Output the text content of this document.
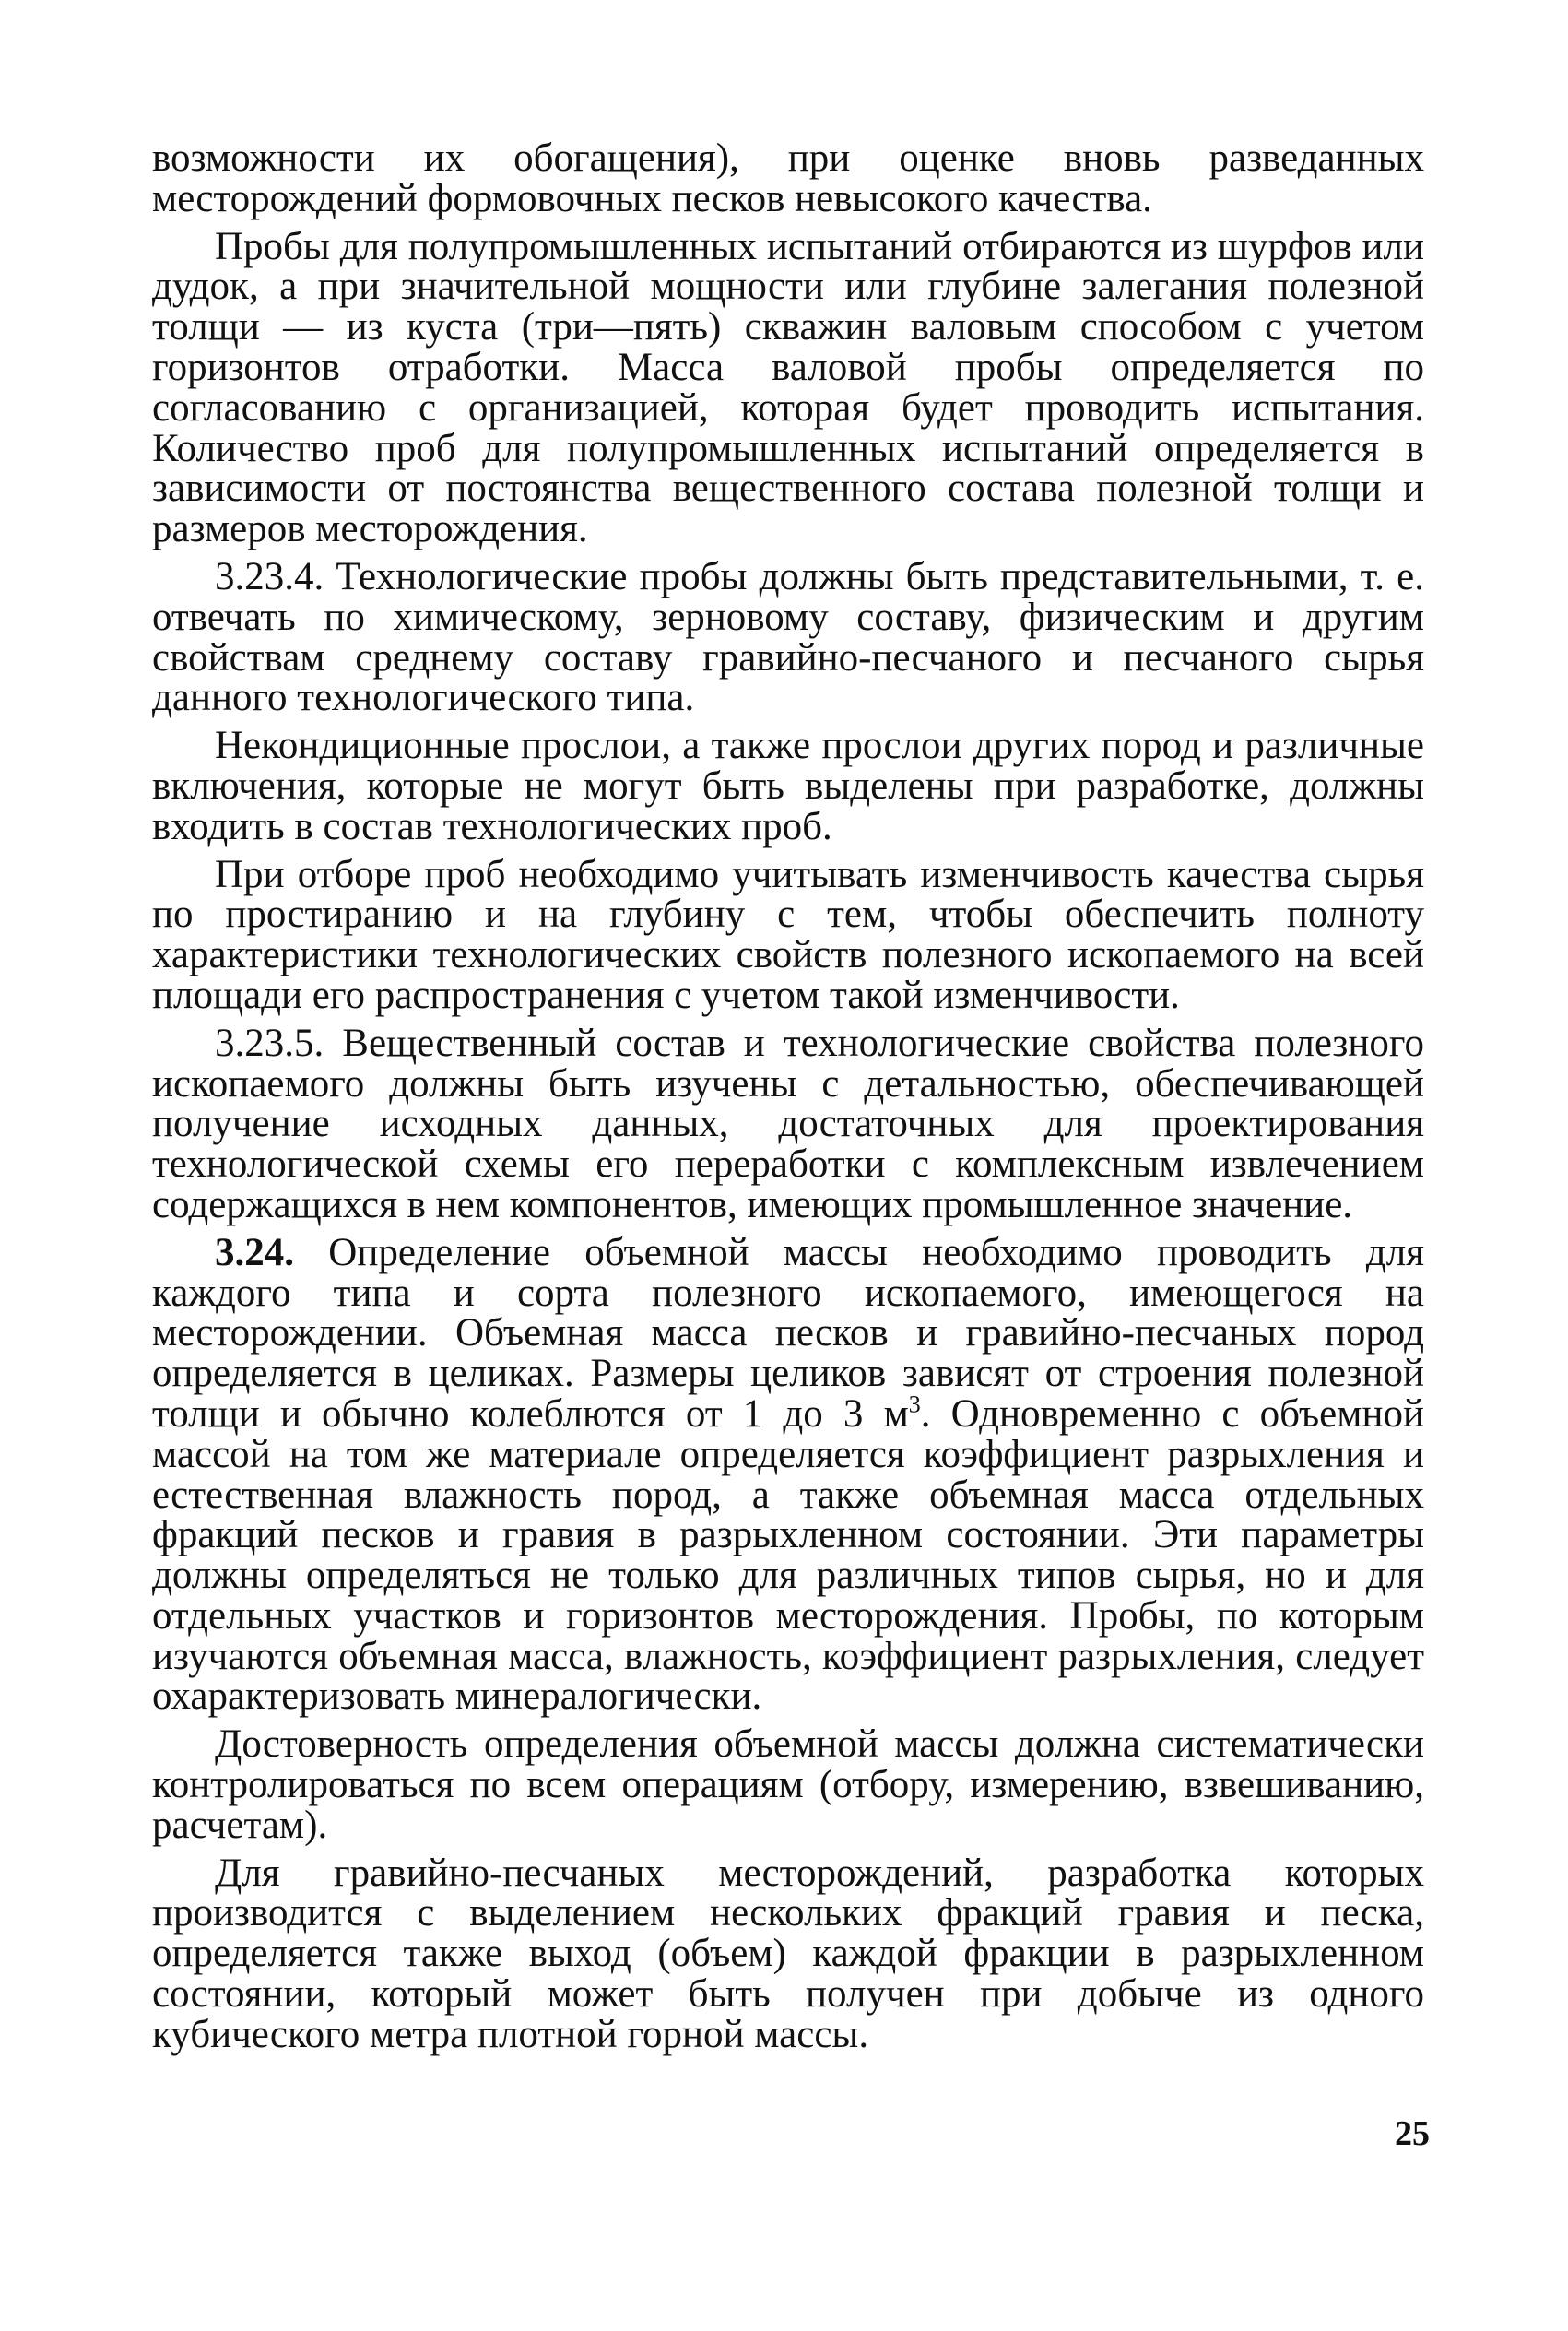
возможности их обогащения), при оценке вновь разведанных месторождений формовочных песков невысокого качества.

Пробы для полупромышленных испытаний отбираются из шурфов или дудок, а при значительной мощности или глубине залегания полезной толщи — из куста (три—пять) скважин валовым способом с учетом горизонтов отработки. Масса валовой пробы определяется по согласованию с организацией, которая будет проводить испытания. Количество проб для полупромышленных испытаний определяется в зависимости от постоянства вещественного состава полезной толщи и размеров месторождения.

3.23.4. Технологические пробы должны быть представительными, т. е. отвечать по химическому, зерновому составу, физическим и другим свойствам среднему составу гравийно-песчаного и песчаного сырья данного технологического типа.

Некондиционные прослои, а также прослои других пород и различные включения, которые не могут быть выделены при разработке, должны входить в состав технологических проб.

При отборе проб необходимо учитывать изменчивость качества сырья по простиранию и на глубину с тем, чтобы обеспечить полноту характеристики технологических свойств полезного ископаемого на всей площади его распространения с учетом такой изменчивости.

3.23.5. Вещественный состав и технологические свойства полезного ископаемого должны быть изучены с детальностью, обеспечивающей получение исходных данных, достаточных для проектирования технологической схемы его переработки с комплексным извлечением содержащихся в нем компонентов, имеющих промышленное значение.

3.24. Определение объемной массы необходимо проводить для каждого типа и сорта полезного ископаемого, имеющегося на месторождении. Объемная масса песков и гравийно-песчаных пород определяется в целиках. Размеры целиков зависят от строения полезной толщи и обычно колеблются от 1 до 3 $м^3$. Одновременно с объемной массой на том же материале определяется коэффициент разрыхления и естественная влажность пород, а также объемная масса отдельных фракций песков и гравия в разрыхленном состоянии. Эти параметры должны определяться не только для различных типов сырья, но и для отдельных участков и горизонтов месторождения. Пробы, по которым изучаются объемная масса, влажность, коэффициент разрыхления, следует охарактеризовать минералогически.

Достоверность определения объемной массы должна систематически контролироваться по всем операциям (отбору, измерению, взвешиванию, расчетам).

Для гравийно-песчаных месторождений, разработка которых производится с выделением нескольких фракций гравия и песка, определяется также выход (объем) каждой фракции в разрыхленном состоянии, который может быть получен при добыче из одного кубического метра плотной горной массы.

25
